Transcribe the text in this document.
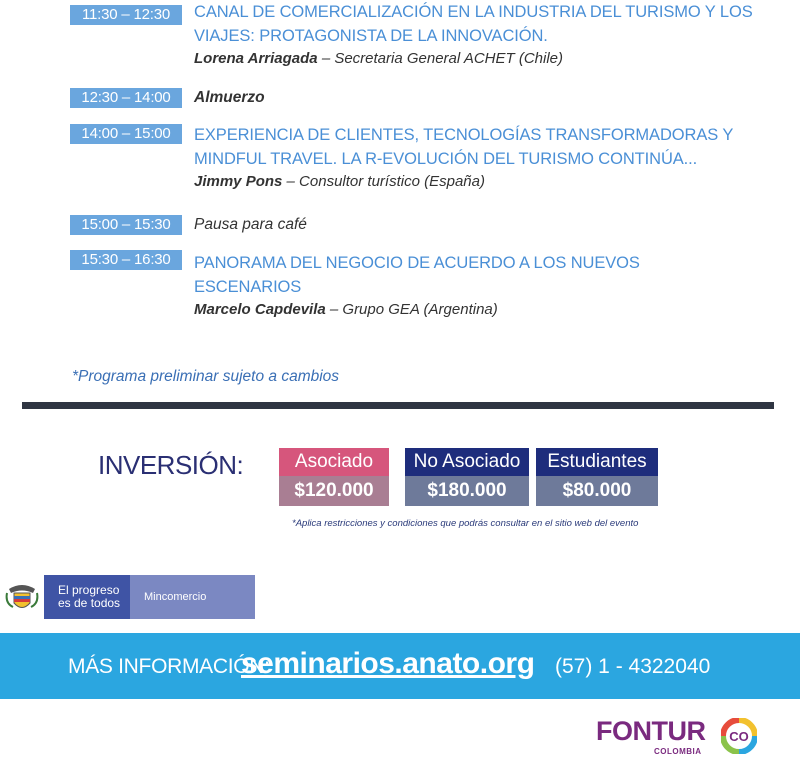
11:30 – 12:30	CANAL DE COMERCIALIZACIÓN EN LA INDUSTRIA DEL TURISMO Y LOS VIAJES: PROTAGONISTA DE LA INNOVACIÓN.
Lorena Arriagada – Secretaria General ACHET (Chile)
12:30 – 14:00	Almuerzo
14:00 – 15:00	EXPERIENCIA DE CLIENTES, TECNOLOGÍAS TRANSFORMADORAS Y MINDFUL TRAVEL. LA R-EVOLUCIÓN DEL TURISMO CONTINÚA...
Jimmy Pons – Consultor turístico (España)
15:00 – 15:30	Pausa para café
15:30 – 16:30	PANORAMA DEL NEGOCIO DE ACUERDO A LOS NUEVOS ESCENARIOS
Marcelo Capdevila – Grupo GEA (Argentina)
*Programa preliminar sujeto a cambios
INVERSIÓN:	Asociado
$120.000
No Asociado
$180.000
Estudiantes
$80.000
*Aplica restricciones y condiciones que podrás consultar en el sitio web del evento
El progreso
es de todos	Mincomercio
MÁS INFORMACIÓN:
seminarios.anato.org (57) 1 - 4322040
FONTUR
COLOMBIA
CO
